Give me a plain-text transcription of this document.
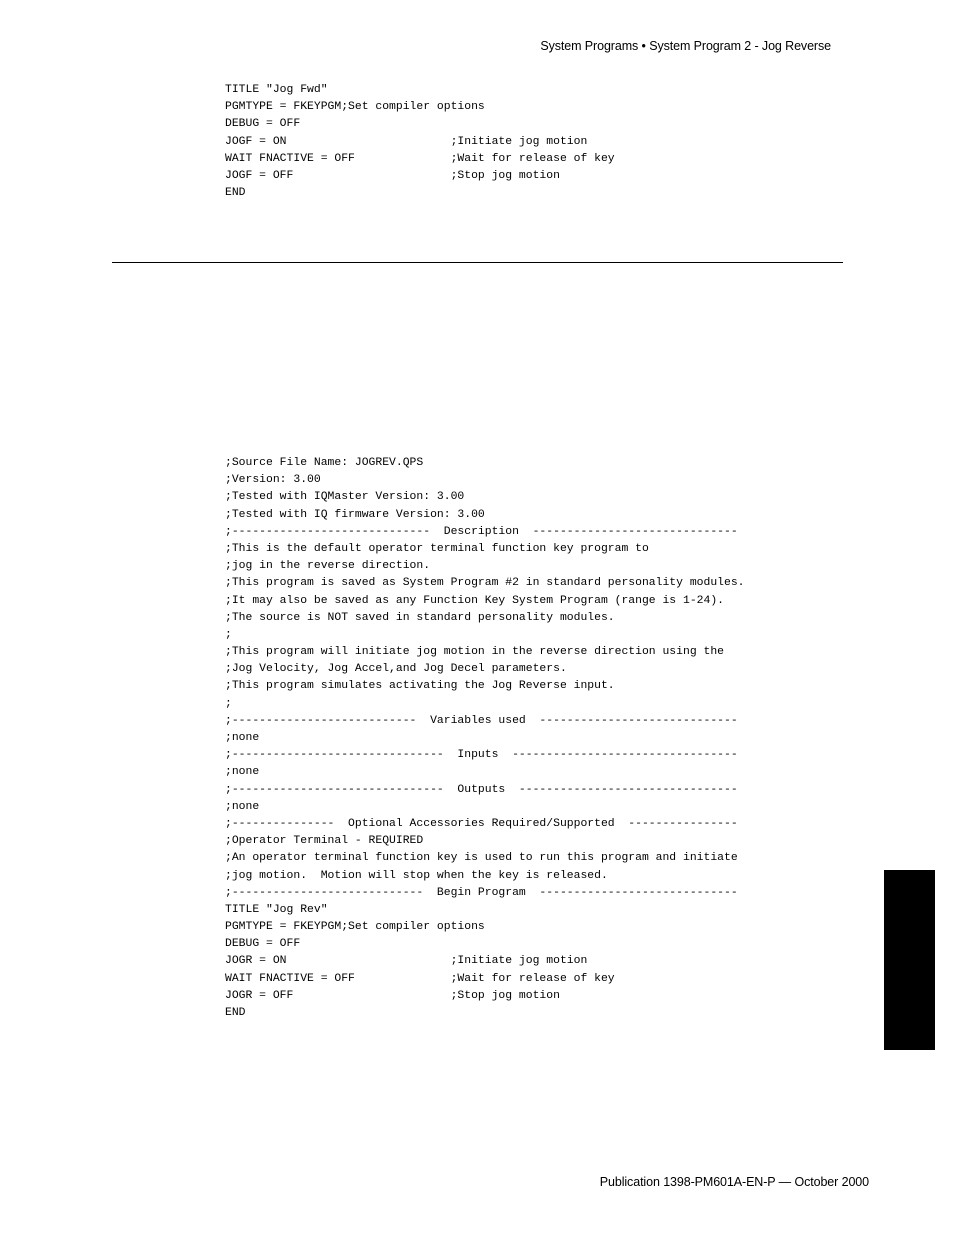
System Programs • System Program 2 - Jog Reverse
TITLE "Jog Fwd"
PGMTYPE = FKEYPGM;Set compiler options
DEBUG = OFF
JOGF = ON                        ;Initiate jog motion
WAIT FNACTIVE = OFF              ;Wait for release of key
JOGF = OFF                       ;Stop jog motion
END
;Source File Name: JOGREV.QPS
;Version: 3.00
;Tested with IQMaster Version: 3.00
;Tested with IQ firmware Version: 3.00
;-----------------------------  Description  ------------------------------
;This is the default operator terminal function key program to
;jog in the reverse direction.
;This program is saved as System Program #2 in standard personality modules.
;It may also be saved as any Function Key System Program (range is 1-24).
;The source is NOT saved in standard personality modules.
;
;This program will initiate jog motion in the reverse direction using the
;Jog Velocity, Jog Accel,and Jog Decel parameters.
;This program simulates activating the Jog Reverse input.
;
;---------------------------  Variables used  -----------------------------
;none
;-------------------------------  Inputs  ---------------------------------
;none
;-------------------------------  Outputs  --------------------------------
;none
;---------------  Optional Accessories Required/Supported  ----------------
;Operator Terminal - REQUIRED
;An operator terminal function key is used to run this program and initiate
;jog motion.  Motion will stop when the key is released.
;----------------------------  Begin Program  -----------------------------
TITLE "Jog Rev"
PGMTYPE = FKEYPGM;Set compiler options
DEBUG = OFF
JOGR = ON                        ;Initiate jog motion
WAIT FNACTIVE = OFF              ;Wait for release of key
JOGR = OFF                       ;Stop jog motion
END
Publication 1398-PM601A-EN-P — October 2000
